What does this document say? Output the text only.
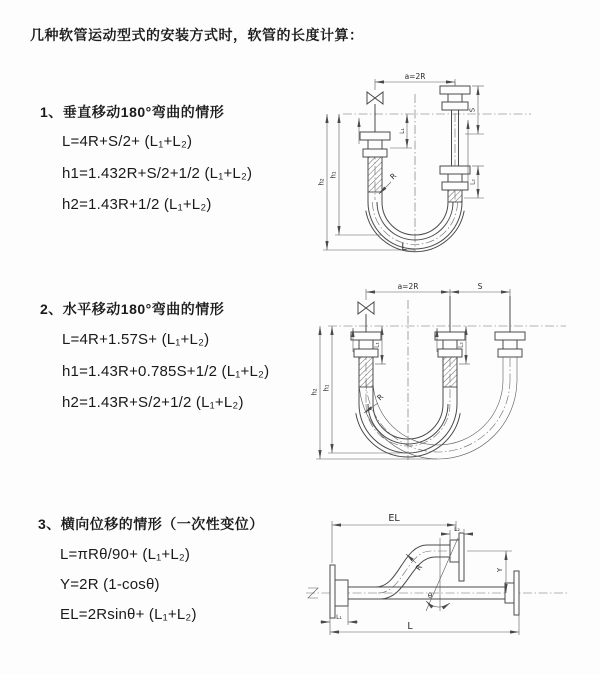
几种软管运动型式的安装方式时，软管的长度计算：
1、垂直移动180°弯曲的情形
L=4R+S/2+ (L₁+L₂)
h1=1.432R+S/2+1/2 (L₁+L₂)
h2=1.43R+1/2 (L₁+L₂)
a=2R
h₂
h₁
L₁
S
L₂
R
L
2、水平移动180°弯曲的情形
L=4R+1.57S+ (L₁+L₂)
h1=1.43R+0.785S+1/2 (L₁+L₂)
h2=1.43R+S/2+1/2 (L₁+L₂)
a=2R	S
L₁	L₂
h₂
h₁
R
3、横向位移的情形（一次性变位）
L=πRθ/90+ (L₁+L₂)
Y=2R (1-cosθ)
EL=2Rsinθ+ (L₁+L₂)
EL
L₂
Y
θ
R
L₁
L
